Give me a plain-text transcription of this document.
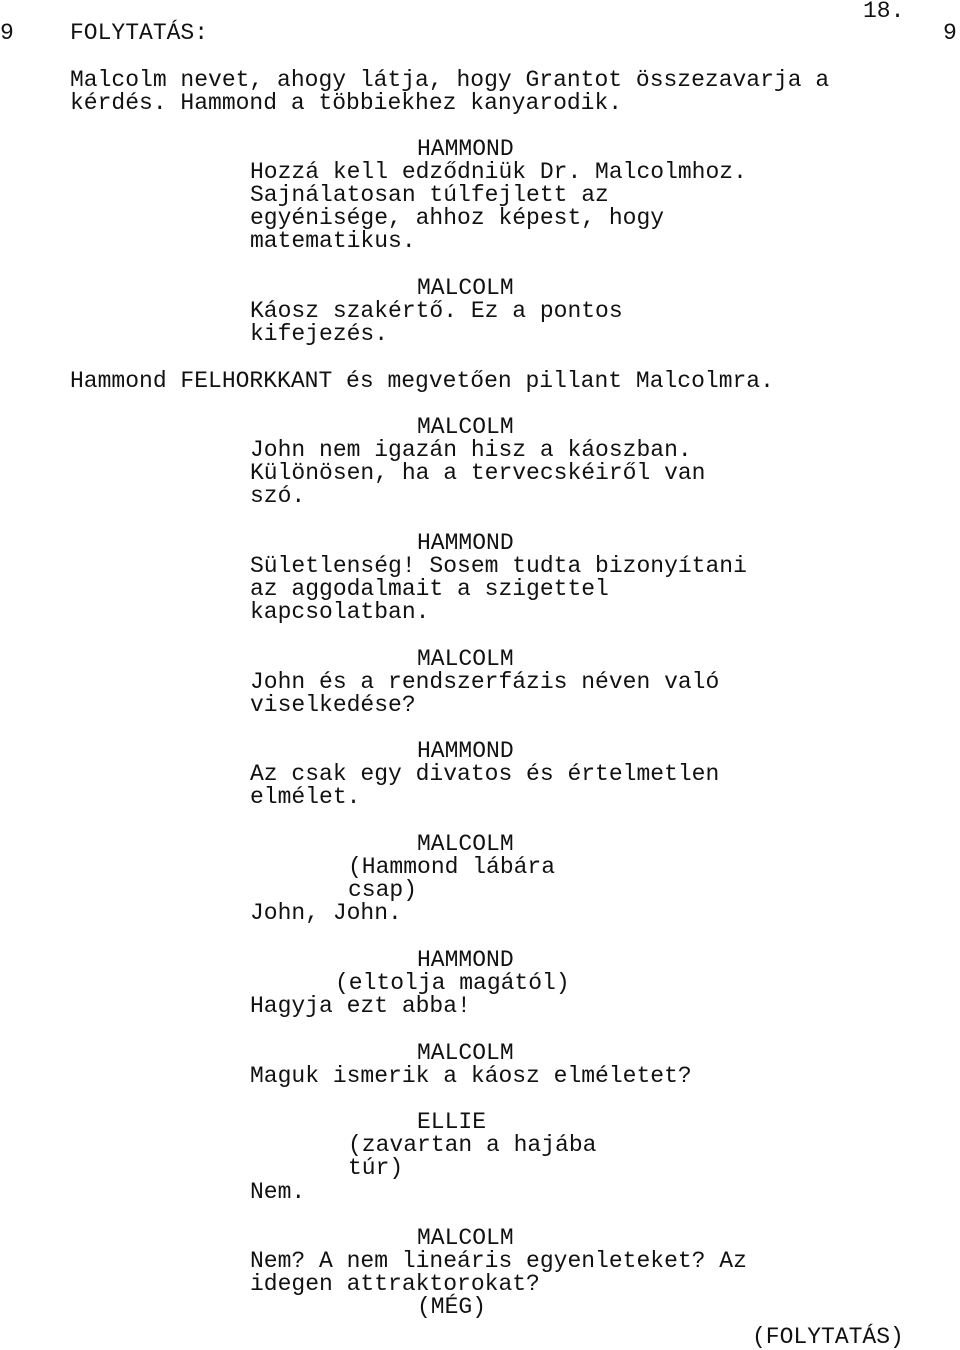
9 FOLYTATÁS:
18.
9
Malcolm nevet, ahogy látja, hogy Grantot összezavarja a
kérdés. Hammond a többiekhez kanyarodik.
HAMMOND
Hozzá kell edződniük Dr. Malcolmhoz.
Sajnálatosan túlfejlett az
egyénisége, ahhoz képest, hogy
matematikus.
MALCOLM
Káosz szakértő. Ez a pontos
kifejezés.
Hammond FELHORKKANT és megvetően pillant Malcolmra.
MALCOLM
John nem igazán hisz a káoszban.
Különösen, ha a tervecskéiről van
szó.
HAMMOND
Sületlenség! Sosem tudta bizonyítani
az aggodalmait a szigettel
kapcsolatban.
MALCOLM
John és a rendszerfázis néven való
viselkedése?
HAMMOND
Az csak egy divatos és értelmetlen
elmélet.
MALCOLM
(Hammond lábára
csap)
John, John.
HAMMOND
(eltolja magától)
Hagyja ezt abba!
MALCOLM
Maguk ismerik a káosz elméletet?
ELLIE
(zavartan a hajába
túr)
Nem.
MALCOLM
Nem? A nem lineáris egyenleteket? Az
idegen attraktorokat?
(MÉG)
(FOLYTATÁS)
